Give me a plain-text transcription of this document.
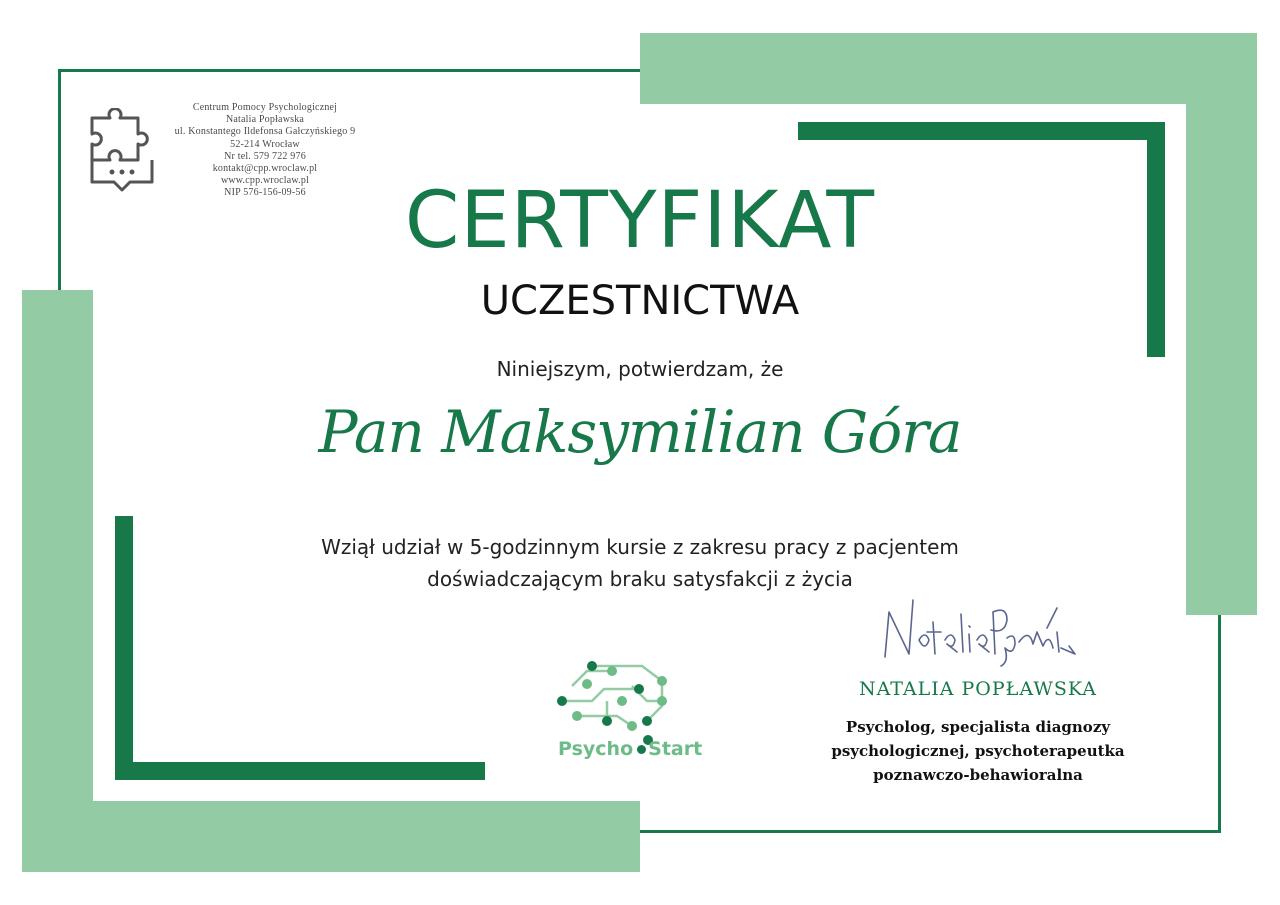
Centrum Pomocy Psychologicznej
Natalia Popławska
ul. Konstantego Ildefonsa Gałczyńskiego 9
52-214 Wrocław
Nr tel. 579 722 976
kontakt@cpp.wroclaw.pl
www.cpp.wroclaw.pl
NIP 576-156-09-56	CERTYFIKAT
UCZESTNICTWA
Niniejszym, potwierdzam, że
Pan Maksymilian Góra
Wziął udział w 5-godzinnym kursie z zakresu pracy z pacjentem
doświadczającym braku satysfakcji z życia
Psycho Start
NATALIA POPŁAWSKA
Psycholog, specjalista diagnozy
psychologicznej, psychoterapeutka
poznawczo-behawioralna
